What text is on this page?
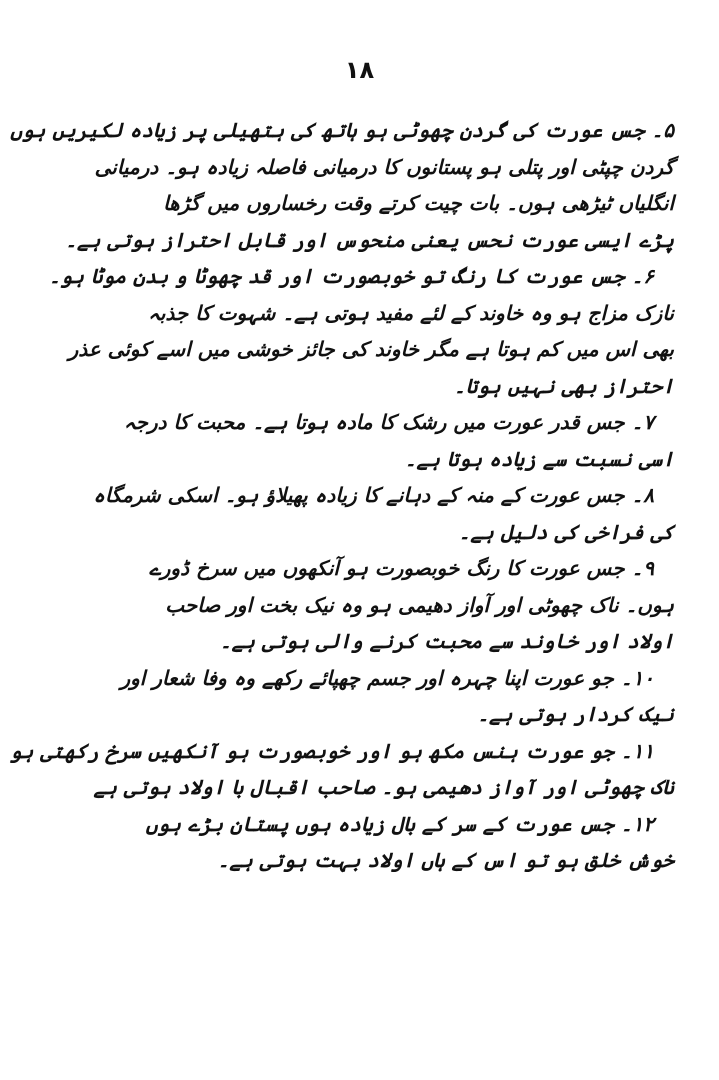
۱۸
۵۔ جس عورت کی گردن چھوٹی ہو ہاتھ کی ہتھیلی پر زیادہ لکیریں ہوں
گردن چپٹی اور پتلی ہو پستانوں کا درمیانی فاصلہ زیادہ ہو۔ درمیانی
انگلیاں ٹیڑھی ہوں۔ بات چیت کرتے وقت رخساروں میں گڑھا
پڑے ایسی عورت نحس یعنی منحوس اور قابل احتراز ہوتی ہے۔
۶۔ جس عورت کا رنگ تو خوبصورت اور قد چھوٹا و بدن موٹا ہو۔
نازک مزاج ہو وہ خاوند کے لئے مفید ہوتی ہے۔ شہوت کا جذبہ
بھی اس میں کم ہوتا ہے مگر خاوند کی جائز خوشی میں اسے کوئی عذر
احتراز بھی نہیں ہوتا۔
۷۔ جس قدر عورت میں رشک کا مادہ ہوتا ہے۔ محبت کا درجہ
اسی نسبت سے زیادہ ہوتا ہے۔
۸۔ جس عورت کے منہ کے دہانے کا زیادہ پھیلاؤ ہو۔ اسکی شرمگاہ
کی فراخی کی دلیل ہے۔
۹۔ جس عورت کا رنگ خوبصورت ہو آنکھوں میں سرخ ڈورے
ہوں۔ ناک چھوٹی اور آواز دھیمی ہو وہ نیک بخت اور صاحب
اولاد اور خاوند سے محبت کرنے والی ہوتی ہے۔
۱۰۔ جو عورت اپنا چہرہ اور جسم چھپائے رکھے وہ وفا شعار اور
نیک کردار ہوتی ہے۔
۱۱۔ جو عورت ہنس مکھ ہو اور خوبصورت ہو آنکھیں سرخ رکھتی ہو
ناک چھوٹی اور آواز دھیمی ہو۔ صاحب اقبال با اولاد ہوتی ہے
۱۲۔ جس عورت کے سر کے بال زیادہ ہوں پستان بڑے ہوں
خوش خلق ہو تو اس کے ہاں اولاد بہت ہوتی ہے۔
